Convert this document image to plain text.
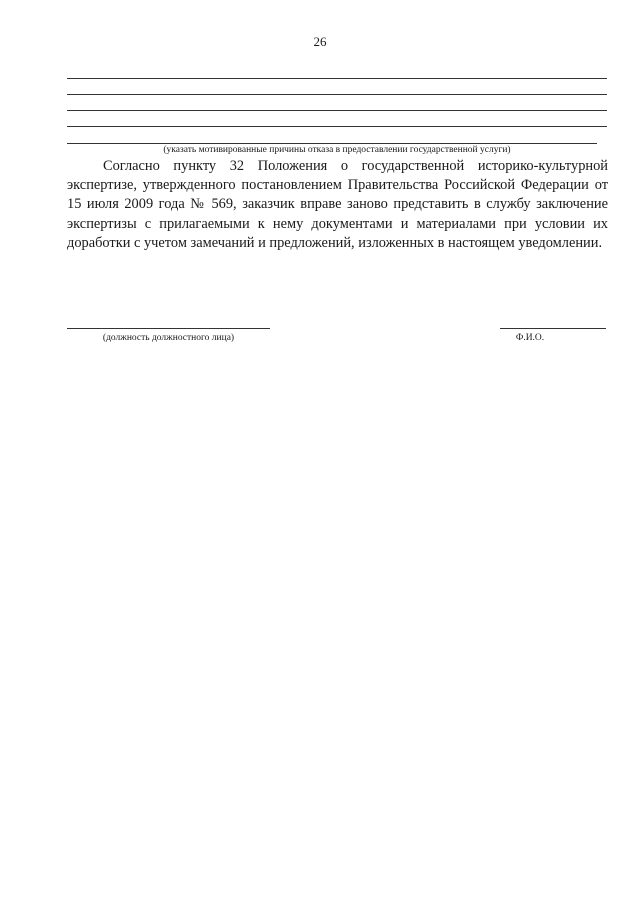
26
(указать мотивированные причины отказа в предоставлении государственной услуги)

Согласно пункту 32 Положения о государственной историко-культурной экспертизе, утвержденного постановлением Правительства Российской Федерации от 15 июля 2009 года № 569, заказчик вправе заново представить в службу заключение экспертизы с прилагаемыми к нему документами и материалами при условии их доработки с учетом замечаний и предложений, изложенных в настоящем уведомлении.

(должность должностного лица)	Ф.И.О.
